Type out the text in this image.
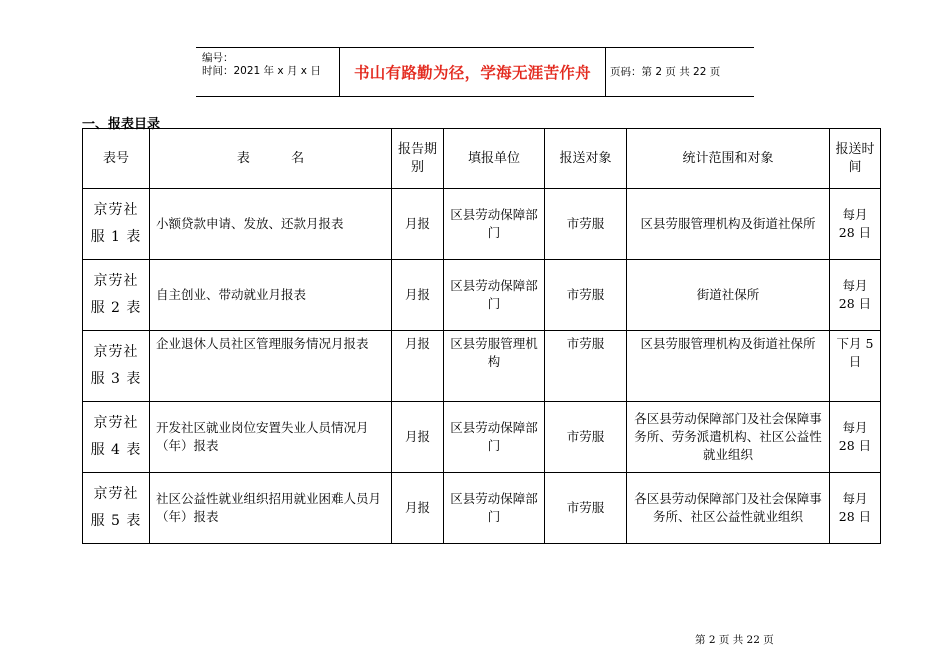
编号：
时间：2021 年 x 月 x 日 书山有路勤为径，学海无涯苦作舟 页码：第 2 页 共 22 页
一、报表目录
表号	表          名	报告期别	填报单位	报送对象	统计范围和对象	报送时间
京劳社服 1 表	小额贷款申请、发放、还款月报表	月报	区县劳动保障部门	市劳服	区县劳服管理机构及街道社保所	每月 28 日
京劳社服 2 表	自主创业、带动就业月报表	月报	区县劳动保障部门	市劳服	街道社保所	每月 28 日
京劳社服 3 表	企业退休人员社区管理服务情况月报表	月报	区县劳服管理机构	市劳服	区县劳服管理机构及街道社保所	下月 5 日
京劳社服 4 表	开发社区就业岗位安置失业人员情况月（年）报表	月报	区县劳动保障部门	市劳服	各区县劳动保障部门及社会保障事务所、劳务派遣机构、社区公益性就业组织	每月 28 日
京劳社服 5 表	社区公益性就业组织招用就业困难人员月（年）报表	月报	区县劳动保障部门	市劳服	各区县劳动保障部门及社会保障事务所、社区公益性就业组织	每月 28 日
第 2 页 共 22 页
